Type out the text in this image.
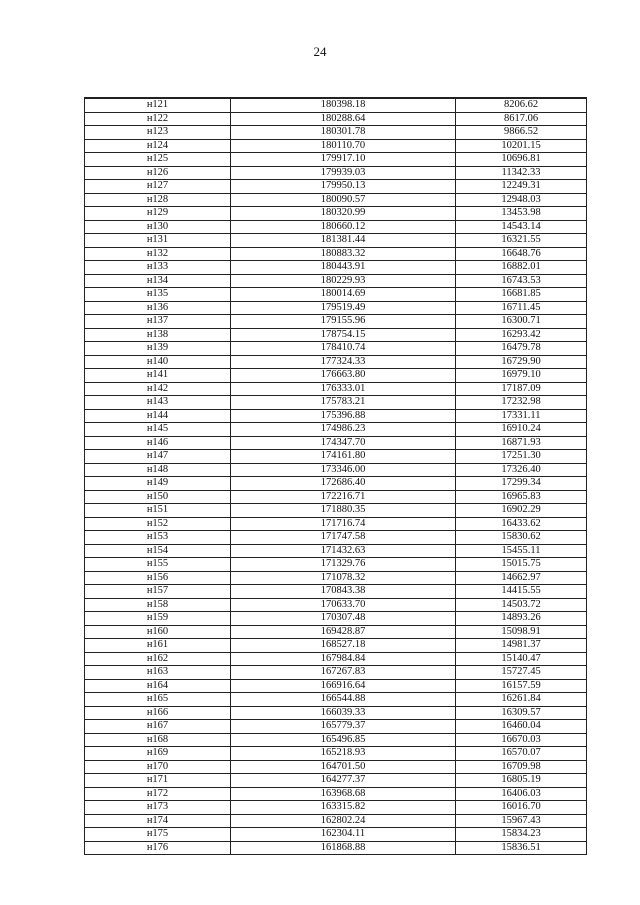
24
н121	180398.18	8206.62
н122	180288.64	8617.06
н123	180301.78	9866.52
н124	180110.70	10201.15
н125	179917.10	10696.81
н126	179939.03	11342.33
н127	179950.13	12249.31
н128	180090.57	12948.03
н129	180320.99	13453.98
н130	180660.12	14543.14
н131	181381.44	16321.55
н132	180883.32	16648.76
н133	180443.91	16882.01
н134	180229.93	16743.53
н135	180014.69	16681.85
н136	179519.49	16711.45
н137	179155.96	16300.71
н138	178754.15	16293.42
н139	178410.74	16479.78
н140	177324.33	16729.90
н141	176663.80	16979.10
н142	176333.01	17187.09
н143	175783.21	17232.98
н144	175396.88	17331.11
н145	174986.23	16910.24
н146	174347.70	16871.93
н147	174161.80	17251.30
н148	173346.00	17326.40
н149	172686.40	17299.34
н150	172216.71	16965.83
н151	171880.35	16902.29
н152	171716.74	16433.62
н153	171747.58	15830.62
н154	171432.63	15455.11
н155	171329.76	15015.75
н156	171078.32	14662.97
н157	170843.38	14415.55
н158	170633.70	14503.72
н159	170307.48	14893.26
н160	169428.87	15098.91
н161	168527.18	14981.37
н162	167984.84	15140.47
н163	167267.83	15727.45
н164	166916.64	16157.59
н165	166544.88	16261.84
н166	166039.33	16309.57
н167	165779.37	16460.04
н168	165496.85	16670.03
н169	165218.93	16570.07
н170	164701.50	16709.98
н171	164277.37	16805.19
н172	163968.68	16406.03
н173	163315.82	16016.70
н174	162802.24	15967.43
н175	162304.11	15834.23
н176	161868.88	15836.51
